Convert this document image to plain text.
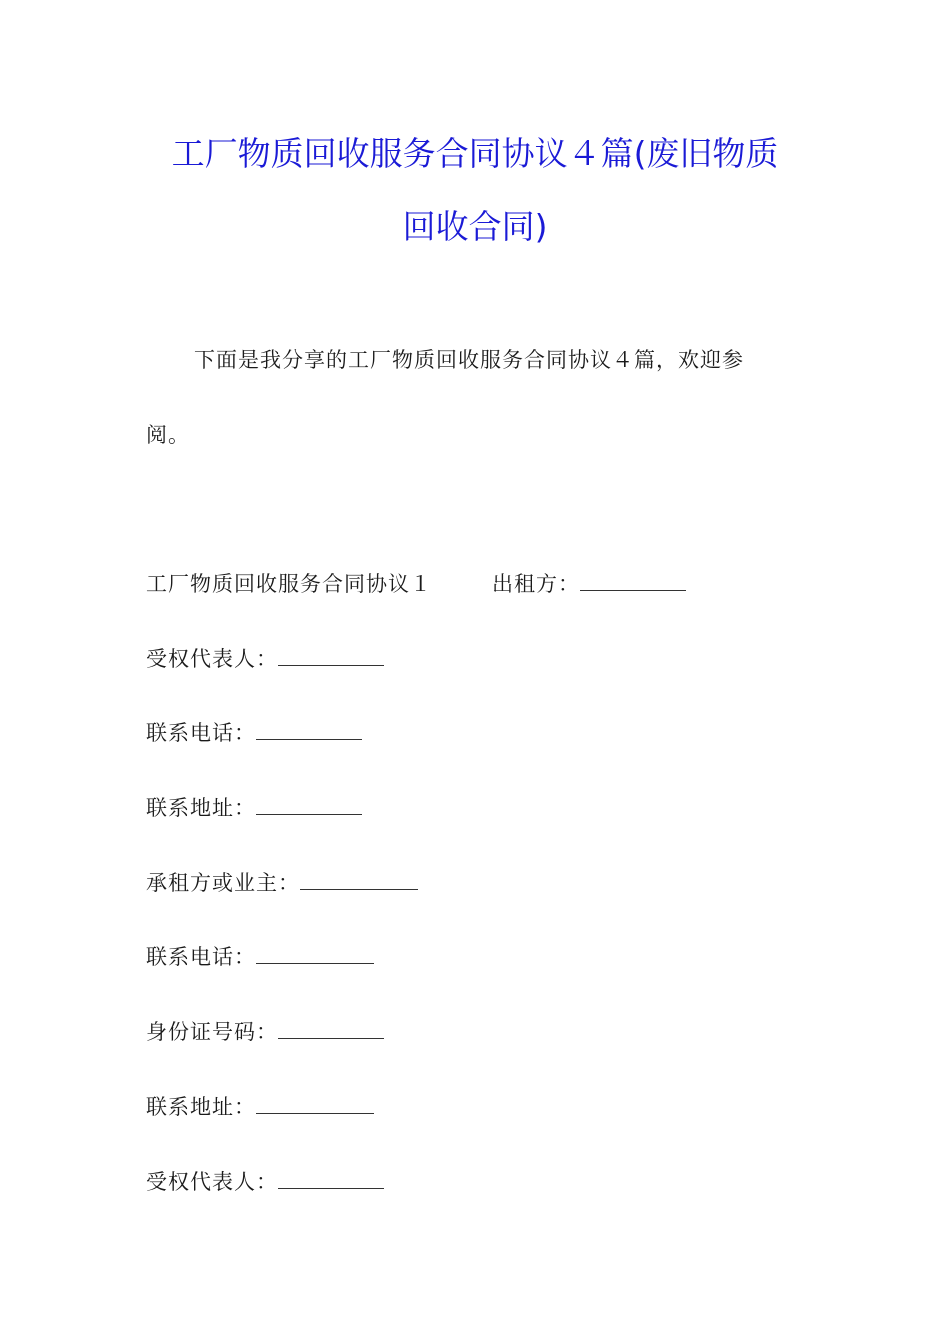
工厂物质回收服务合同协议４篇(废旧物质
回收合同)
下面是我分享的工厂物质回收服务合同协议４篇，欢迎参
阅。
工厂物质回收服务合同协议１	出租方：
受权代表人：
联系电话：
联系地址：
承租方或业主：
联系电话：
身份证号码：
联系地址：
受权代表人：
